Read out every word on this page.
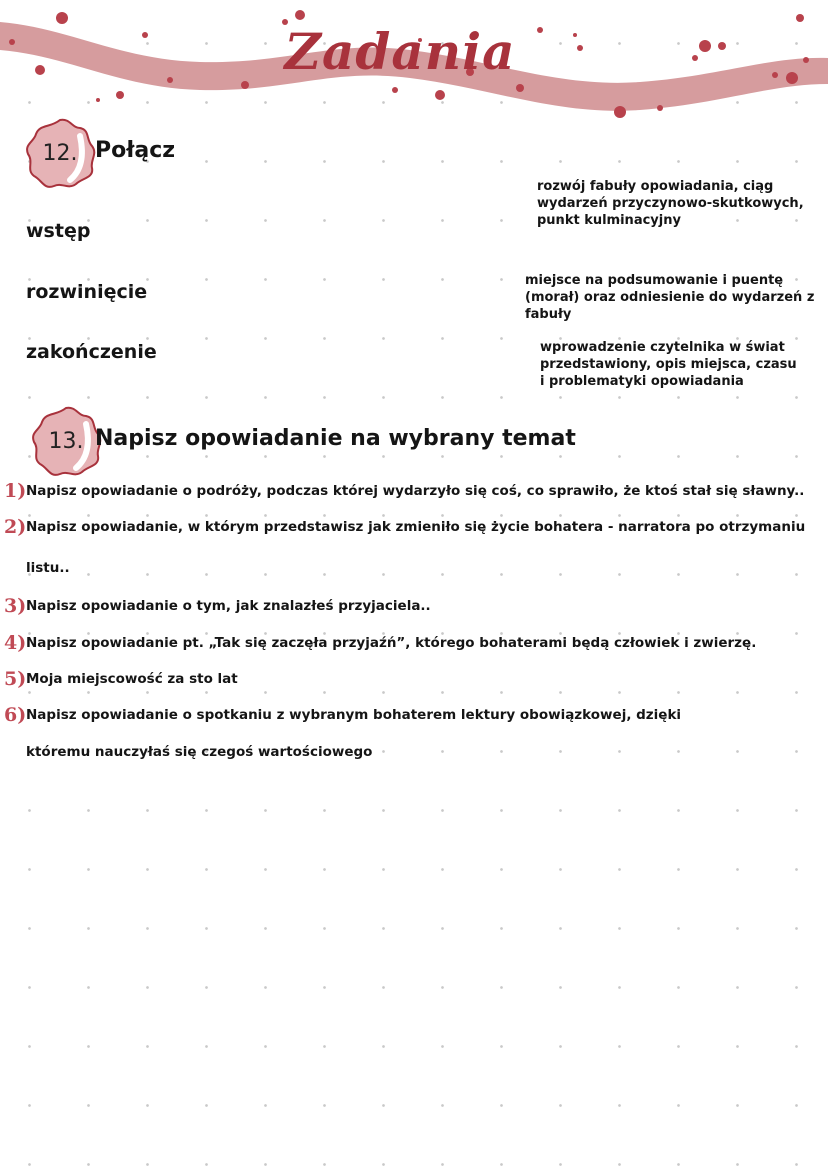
Zadania
12. Połącz
wstęp
rozwinięcie
zakończenie
rozwój fabuły opowiadania, ciąg wydarzeń przyczynowo-skutkowych, punkt kulminacyjny
miejsce na podsumowanie i puentę (morał) oraz odniesienie do wydarzeń z fabuły
wprowadzenie czytelnika w świat przedstawiony, opis miejsca, czasu i problematyki opowiadania
13. Napisz opowiadanie na wybrany temat
1) Napisz opowiadanie o podróży, podczas której wydarzyło się coś, co sprawiło, że ktoś stał się sławny..
2) Napisz opowiadanie, w którym przedstawisz jak zmieniło się życie bohatera - narratora po otrzymaniu
listu..
3) Napisz opowiadanie o tym, jak znalazłeś przyjaciela..
4) Napisz opowiadanie pt. „Tak się zaczęła przyjaźń”, którego bohaterami będą człowiek i zwierzę.
5) Moja miejscowość za sto lat
6) Napisz opowiadanie o spotkaniu z wybranym bohaterem lektury obowiązkowej, dzięki
któremu nauczyłaś się czegoś wartościowego
